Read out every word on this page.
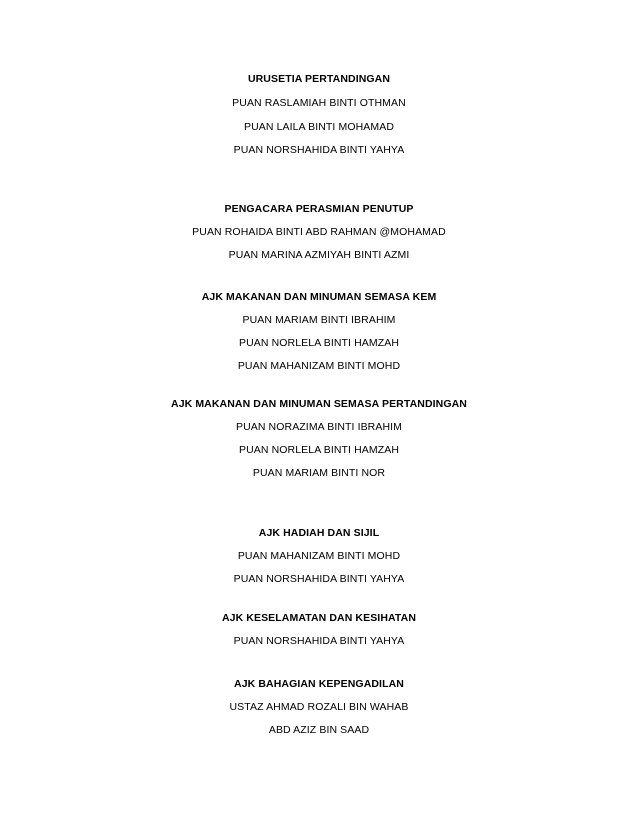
URUSETIA PERTANDINGAN
PUAN RASLAMIAH BINTI OTHMAN
PUAN LAILA BINTI MOHAMAD
PUAN NORSHAHIDA BINTI YAHYA
PENGACARA PERASMIAN PENUTUP
PUAN ROHAIDA BINTI ABD RAHMAN @MOHAMAD
PUAN MARINA AZMIYAH BINTI AZMI
AJK MAKANAN DAN MINUMAN SEMASA KEM
PUAN MARIAM BINTI IBRAHIM
PUAN NORLELA BINTI HAMZAH
PUAN MAHANIZAM BINTI MOHD
AJK MAKANAN DAN MINUMAN SEMASA PERTANDINGAN
PUAN NORAZIMA BINTI IBRAHIM
PUAN NORLELA BINTI HAMZAH
PUAN MARIAM BINTI NOR
AJK HADIAH DAN SIJIL
PUAN MAHANIZAM BINTI MOHD
PUAN NORSHAHIDA BINTI YAHYA
AJK KESELAMATAN DAN KESIHATAN
PUAN NORSHAHIDA BINTI YAHYA
AJK BAHAGIAN KEPENGADILAN
USTAZ AHMAD ROZALI BIN WAHAB
ABD AZIZ BIN SAAD
